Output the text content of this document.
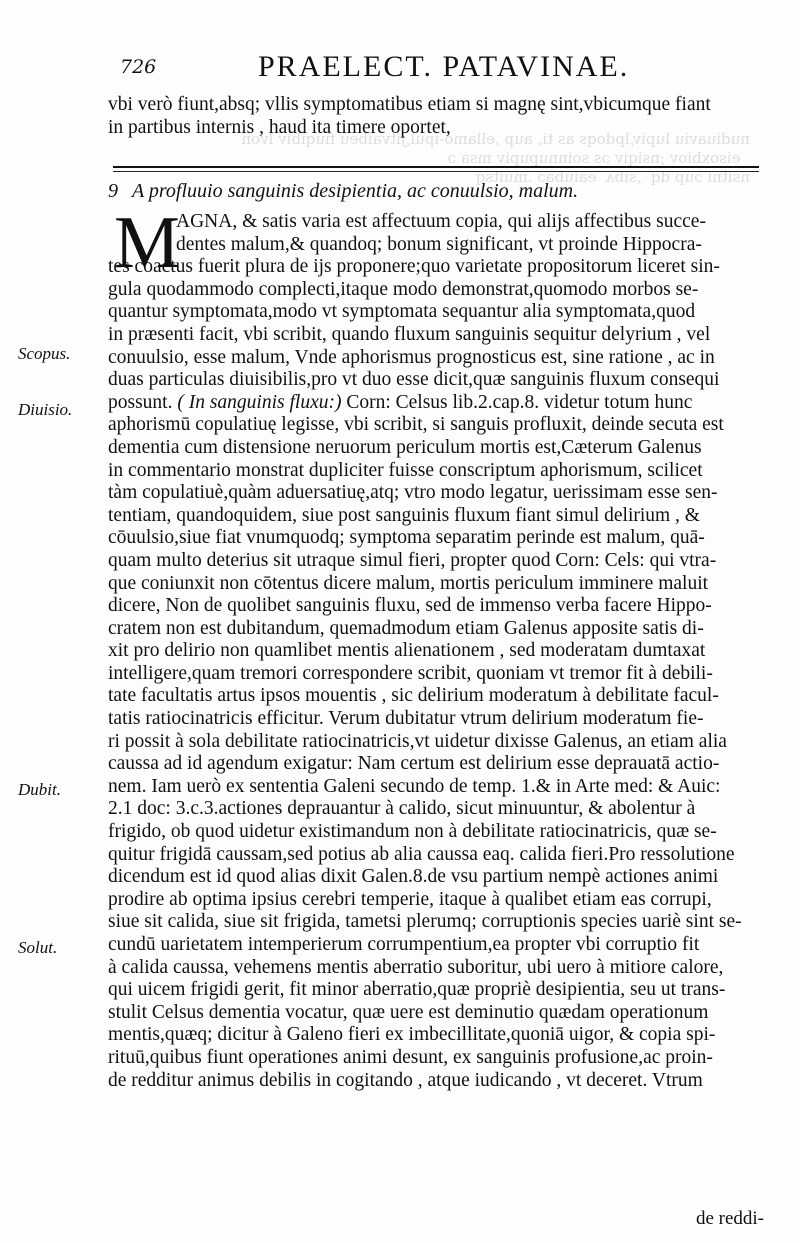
nudiuaviu lupiv,lpdoqs as ti, aup ,ellamo-ipul,jitvaibeu fiuqibiv lvon
eisoxbiov ;nsiqiv ɔs soinnupupiv msa ɔ
nsitni ɔup dq  ,sibʌ  eaiubaɔ .muitsq

726	PRAELECT. PATAVINAE.
vbi verò fiunt,absq; vllis symptomatibus etiam si magnę sint,vbicumque fiant
in partibus internis , haud ita timere oportet,
9 A profluuio sanguinis desipientia, ac conuulsio, malum.
M
AGNA, & satis varia est affectuum copia, qui alijs affectibus succe-
dentes malum,& quandoq; bonum significant, vt proinde Hippocra-
tes coactus fuerit plura de ijs proponere;quo varietate propositorum liceret sin-
gula quodammodo complecti,itaque modo demonstrat,quomodo morbos se-
quantur symptomata,modo vt symptomata sequantur alia symptomata,quod
in præsenti facit, vbi scribit, quando fluxum sanguinis sequitur delyrium , vel
conuulsio, esse malum, Vnde aphorismus prognosticus est, sine ratione , ac in
duas particulas diuisibilis,pro vt duo esse dicit,quæ sanguinis fluxum consequi
possunt. ( In sanguinis fluxu:) Corn: Celsus lib.2.cap.8. videtur totum hunc
aphorismū copulatiuę legisse, vbi scribit, si sanguis profluxit, deinde secuta est
dementia cum distensione neruorum periculum mortis est,Cæterum Galenus
in commentario monstrat dupliciter fuisse conscriptum aphorismum, scilicet
tàm copulatiuè,quàm aduersatiuę,atq; vtro modo legatur, uerissimam esse sen-
tentiam, quandoquidem, siue post sanguinis fluxum fiant simul delirium , &
cōuulsio,siue fiat vnumquodq; symptoma separatim perinde est malum, quā-
quam multo deterius sit utraque simul fieri, propter quod Corn: Cels: qui vtra-
que coniunxit non cōtentus dicere malum, mortis periculum imminere maluit
dicere, Non de quolibet sanguinis fluxu, sed de immenso verba facere Hippo-
cratem non est dubitandum, quemadmodum etiam Galenus apposite satis di-
xit pro delirio non quamlibet mentis alienationem , sed moderatam dumtaxat
intelligere,quam tremori correspondere scribit, quoniam vt tremor fit à debili-
tate facultatis artus ipsos mouentis , sic delirium moderatum à debilitate facul-
tatis ratiocinatricis efficitur. Verum dubitatur vtrum delirium moderatum fie-
ri possit à sola debilitate ratiocinatricis,vt uidetur dixisse Galenus, an etiam alia
caussa ad id agendum exigatur: Nam certum est delirium esse deprauatā actio-
nem. Iam uerò ex sententia Galeni secundo de temp. 1.& in Arte med: & Auic:
2.1 doc: 3.c.3.actiones deprauantur à calido, sicut minuuntur, & abolentur à
frigido, ob quod uidetur existimandum non à debilitate ratiocinatricis, quæ se-
quitur frigidā caussam,sed potius ab alia caussa eaq. calida fieri.Pro ressolutione
dicendum est id quod alias dixit Galen.8.de vsu partium nempè actiones animi
prodire ab optima ipsius cerebri temperie, itaque à qualibet etiam eas corrupi,
siue sit calida, siue sit frigida, tametsi plerumq; corruptionis species uariè sint se-
cundū uarietatem intemperierum corrumpentium,ea propter vbi corruptio fit
à calida caussa, vehemens mentis aberratio suboritur, ubi uero à mitiore calore,
qui uicem frigidi gerit, fit minor aberratio,quæ propriè desipientia, seu ut trans-
stulit Celsus dementia vocatur, quæ uere est deminutio quædam operationum
mentis,quæq; dicitur à Galeno fieri ex imbecillitate,quoniā uigor, & copia spi-
rituū,quibus fiunt operationes animi desunt, ex sanguinis profusione,ac proin-
de redditur animus debilis in cogitando , atque iudicando , vt deceret. Vtrum
Scopus.
Diuisio.
Dubit.
Solut.
de reddi-
